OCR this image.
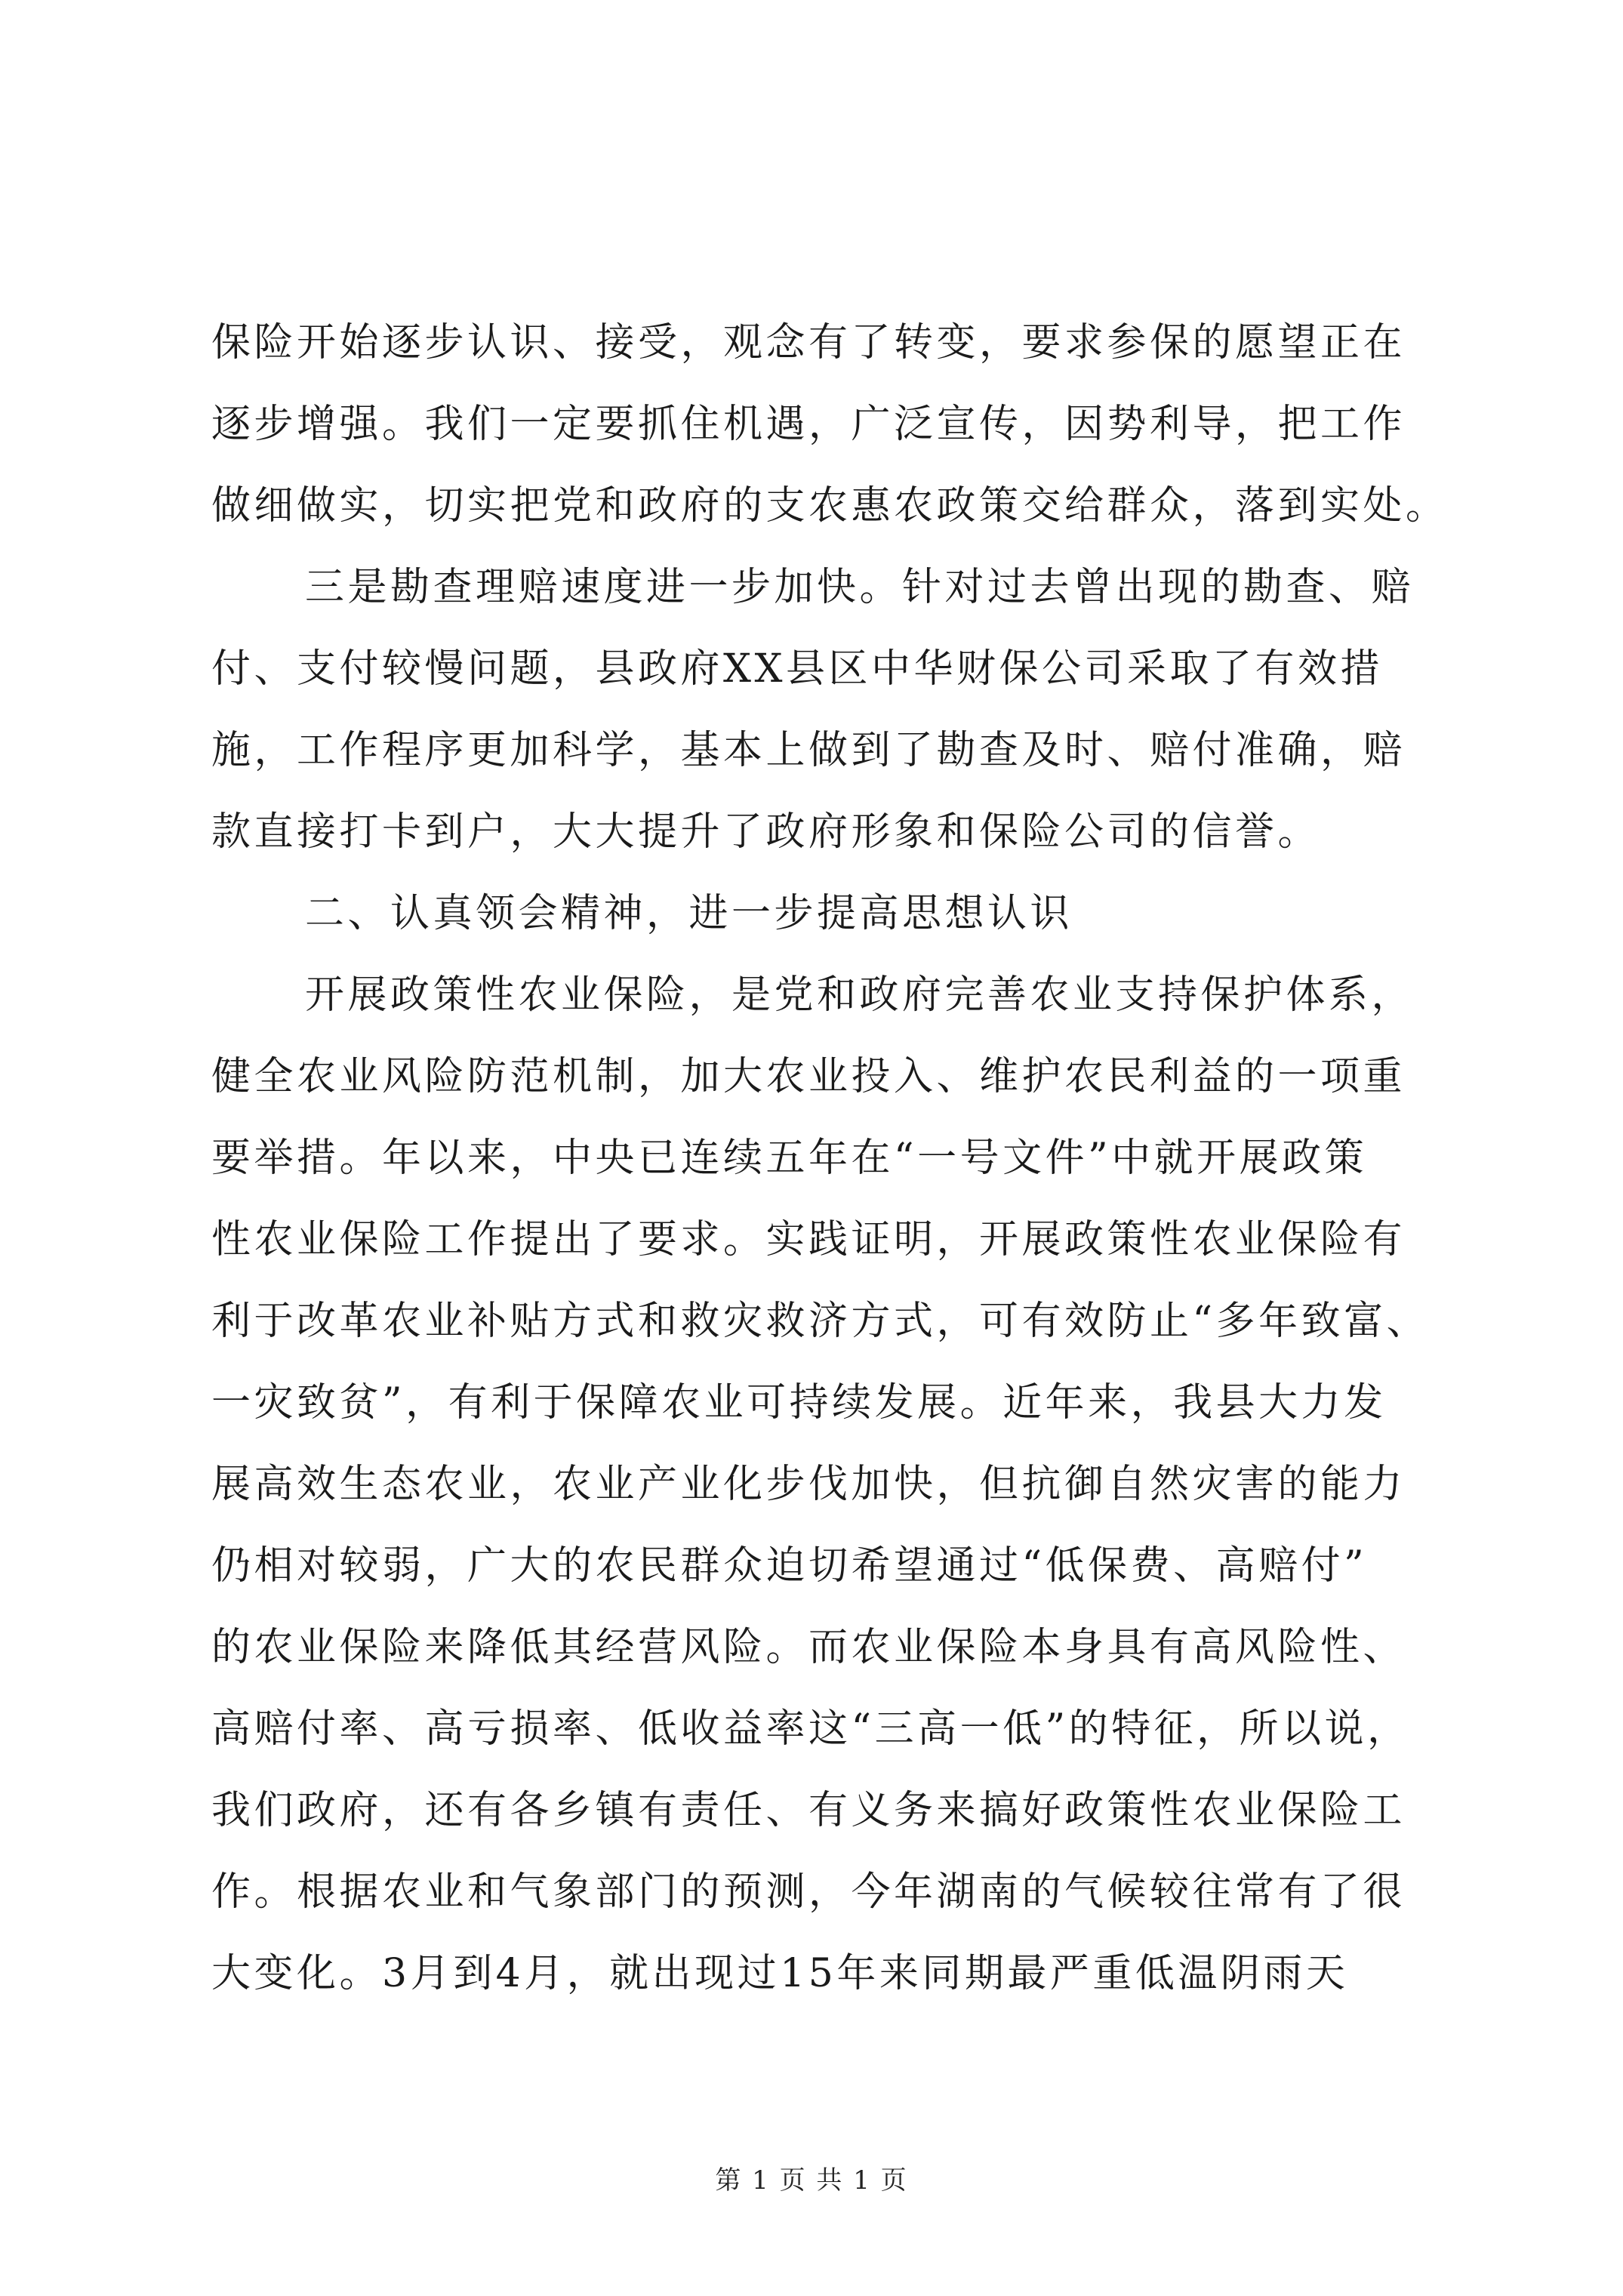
保险开始逐步认识、接受，观念有了转变，要求参保的愿望正在
逐步增强。我们一定要抓住机遇，广泛宣传，因势利导，把工作
做细做实，切实把党和政府的支农惠农政策交给群众，落到实处。
三是勘查理赔速度进一步加快。针对过去曾出现的勘查、赔
付、支付较慢问题，县政府XX县区中华财保公司采取了有效措
施，工作程序更加科学，基本上做到了勘查及时、赔付准确，赔
款直接打卡到户，大大提升了政府形象和保险公司的信誉。
二、认真领会精神，进一步提高思想认识
开展政策性农业保险，是党和政府完善农业支持保护体系，
健全农业风险防范机制，加大农业投入、维护农民利益的一项重
要举措。年以来，中央已连续五年在“一号文件”中就开展政策
性农业保险工作提出了要求。实践证明，开展政策性农业保险有
利于改革农业补贴方式和救灾救济方式，可有效防止“多年致富、
一灾致贫”，有利于保障农业可持续发展。近年来，我县大力发
展高效生态农业，农业产业化步伐加快，但抗御自然灾害的能力
仍相对较弱，广大的农民群众迫切希望通过“低保费、高赔付”
的农业保险来降低其经营风险。而农业保险本身具有高风险性、
高赔付率、高亏损率、低收益率这“三高一低”的特征，所以说，
我们政府，还有各乡镇有责任、有义务来搞好政策性农业保险工
作。根据农业和气象部门的预测，今年湖南的气候较往常有了很
大变化。3月到4月，就出现过15年来同期最严重低温阴雨天
第 1 页 共 1 页
